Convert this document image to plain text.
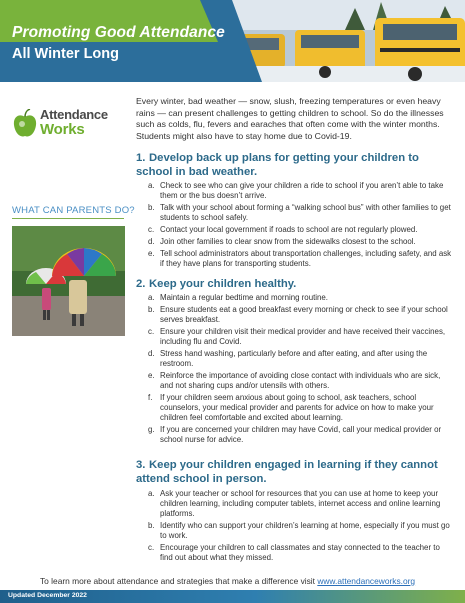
Promoting Good Attendance
All Winter Long
Attendance
Works
WHAT CAN PARENTS DO?
Every winter, bad weather — snow, slush, freezing temperatures or even heavy rains — can present challenges to getting children to school. So do the illnesses such as colds, flu, fevers and earaches that often come with the winter months. Students might also have to stay home due to Covid-19.
1. Develop back up plans for getting your children to school in bad weather.
a. Check to see who can give your children a ride to school if you aren’t able to take them or the bus doesn’t arrive.
b. Talk with your school about forming a “walking school bus” with other families to get students to school safely.
c. Contact your local government if roads to school are not regularly plowed.
d. Join other families to clear snow from the sidewalks closest to the school.
e. Tell school administrators about transportation challenges, including safety, and ask if they have plans for transporting students.
2. Keep your children healthy.
a. Maintain a regular bedtime and morning routine.
b. Ensure students eat a good breakfast every morning or check to see if your school serves breakfast.
c. Ensure your children visit their medical provider and have received their vaccines, including flu and Covid.
d. Stress hand washing, particularly before and after eating, and after using the restroom.
e. Reinforce the importance of avoiding close contact with individuals who are sick, and not sharing cups and/or utensils with others.
f. If your children seem anxious about going to school, ask teachers, school counselors, your medical provider and parents for advice on how to make your children feel comfortable and excited about learning.
g. If you are concerned your children may have Covid, call your medical provider or school nurse for advice.
3. Keep your children engaged in learning if they cannot attend school in person.
a. Ask your teacher or school for resources that you can use at home to keep your children learning, including computer tablets, internet access and online learning platforms.
b. Identify who can support your children’s learning at home, especially if you must go to work.
c. Encourage your children to call classmates and stay connected to the teacher to find out about what they missed.
To learn more about attendance and strategies that make a difference visit www.attendanceworks.org
Updated December 2022
